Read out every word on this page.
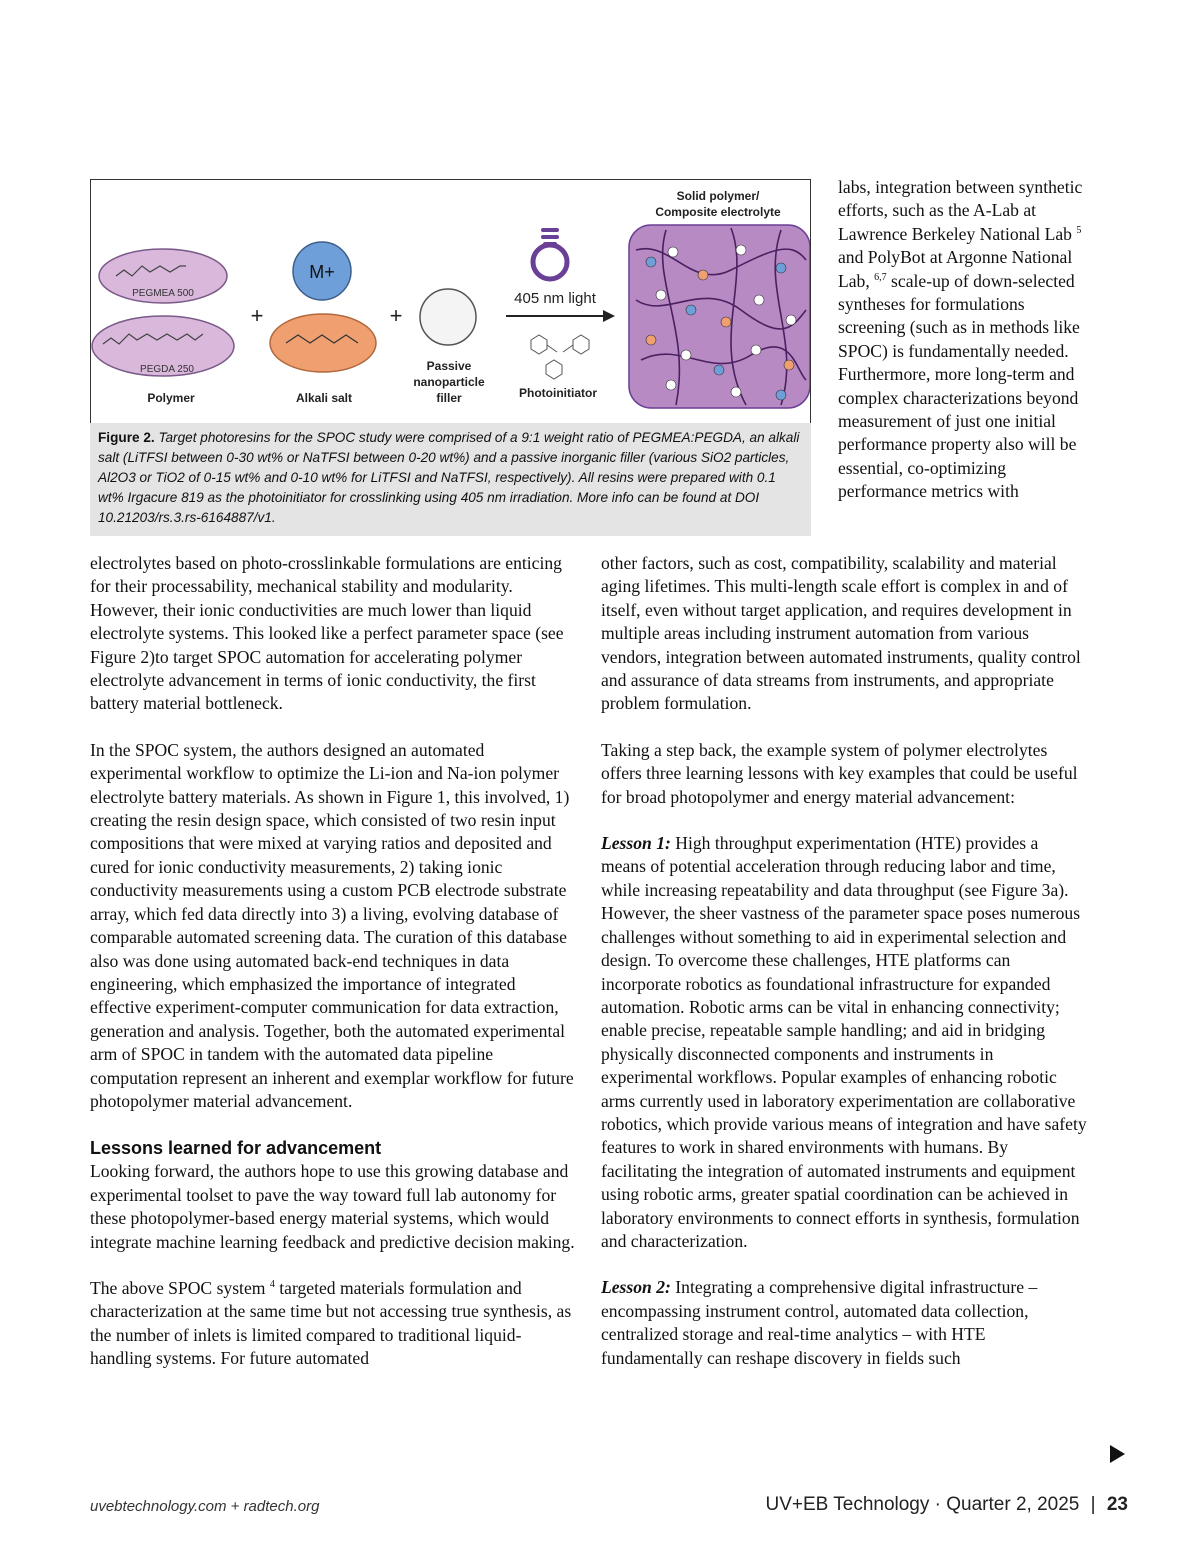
PEGMEA 500
PEGDA 250
Polymer
+
M+
Alkali salt
+
Passive
nanoparticle
filler
405 nm light
Photoinitiator
Solid polymer/
Composite electrolyte
Figure 2. Target photoresins for the SPOC study were comprised of a 9:1 weight ratio of PEGMEA:PEGDA, an alkali salt (LiTFSI between 0-30 wt% or NaTFSI between 0-20 wt%) and a passive inorganic filler (various SiO2 particles, Al2O3 or TiO2 of 0-15 wt% and 0-10 wt% for LiTFSI and NaTFSI, respectively). All resins were prepared with 0.1 wt% Irgacure 819 as the photoinitiator for crosslinking using 405 nm irradiation. More info can be found at DOI 10.21203/rs.3.rs-6164887/v1.

labs, integration between synthetic efforts, such as the A-Lab at Lawrence Berkeley National Lab $^5$ and PolyBot at Argonne National Lab, $^{6,7}$ scale-up of down-selected syntheses for formulations screening (such as in methods like SPOC) is fundamentally needed. Furthermore, more long-term and complex characterizations beyond measurement of just one initial performance property also will be essential, co-optimizing performance metrics with

electrolytes based on photo-crosslinkable formulations are enticing for their processability, mechanical stability and modularity. However, their ionic conductivities are much lower than liquid electrolyte systems. This looked like a perfect parameter space (see Figure 2)to target SPOC automation for accelerating polymer electrolyte advancement in terms of ionic conductivity, the first battery material bottleneck.

In the SPOC system, the authors designed an automated experimental workflow to optimize the Li-ion and Na-ion polymer electrolyte battery materials. As shown in Figure 1, this involved, 1) creating the resin design space, which consisted of two resin input compositions that were mixed at varying ratios and deposited and cured for ionic conductivity measurements, 2) taking ionic conductivity measurements using a custom PCB electrode substrate array, which fed data directly into 3) a living, evolving database of comparable automated screening data. The curation of this database also was done using automated back-end techniques in data engineering, which emphasized the importance of integrated effective experiment-computer communication for data extraction, generation and analysis. Together, both the automated experimental arm of SPOC in tandem with the automated data pipeline computation represent an inherent and exemplar workflow for future photopolymer material advancement.

Lessons learned for advancement

Looking forward, the authors hope to use this growing database and experimental toolset to pave the way toward full lab autonomy for these photopolymer-based energy material systems, which would integrate machine learning feedback and predictive decision making.

The above SPOC system $^4$ targeted materials formulation and characterization at the same time but not accessing true synthesis, as the number of inlets is limited compared to traditional liquid-handling systems. For future automated

other factors, such as cost, compatibility, scalability and material aging lifetimes. This multi-length scale effort is complex in and of itself, even without target application, and requires development in multiple areas including instrument automation from various vendors, integration between automated instruments, quality control and assurance of data streams from instruments, and appropriate problem formulation.

Taking a step back, the example system of polymer electrolytes offers three learning lessons with key examples that could be useful for broad photopolymer and energy material advancement:

Lesson 1: High throughput experimentation (HTE) provides a means of potential acceleration through reducing labor and time, while increasing repeatability and data throughput (see Figure 3a). However, the sheer vastness of the parameter space poses numerous challenges without something to aid in experimental selection and design. To overcome these challenges, HTE platforms can incorporate robotics as foundational infrastructure for expanded automation. Robotic arms can be vital in enhancing connectivity; enable precise, repeatable sample handling; and aid in bridging physically disconnected components and instruments in experimental workflows. Popular examples of enhancing robotic arms currently used in laboratory experimentation are collaborative robotics, which provide various means of integration and have safety features to work in shared environments with humans. By facilitating the integration of automated instruments and equipment using robotic arms, greater spatial coordination can be achieved in laboratory environments to connect efforts in synthesis, formulation and characterization.

Lesson 2: Integrating a comprehensive digital infrastructure – encompassing instrument control, automated data collection, centralized storage and real-time analytics – with HTE fundamentally can reshape discovery in fields such

uvebtechnology.com + radtech.org	UV+EB Technology · Quarter 2, 2025 | 23
